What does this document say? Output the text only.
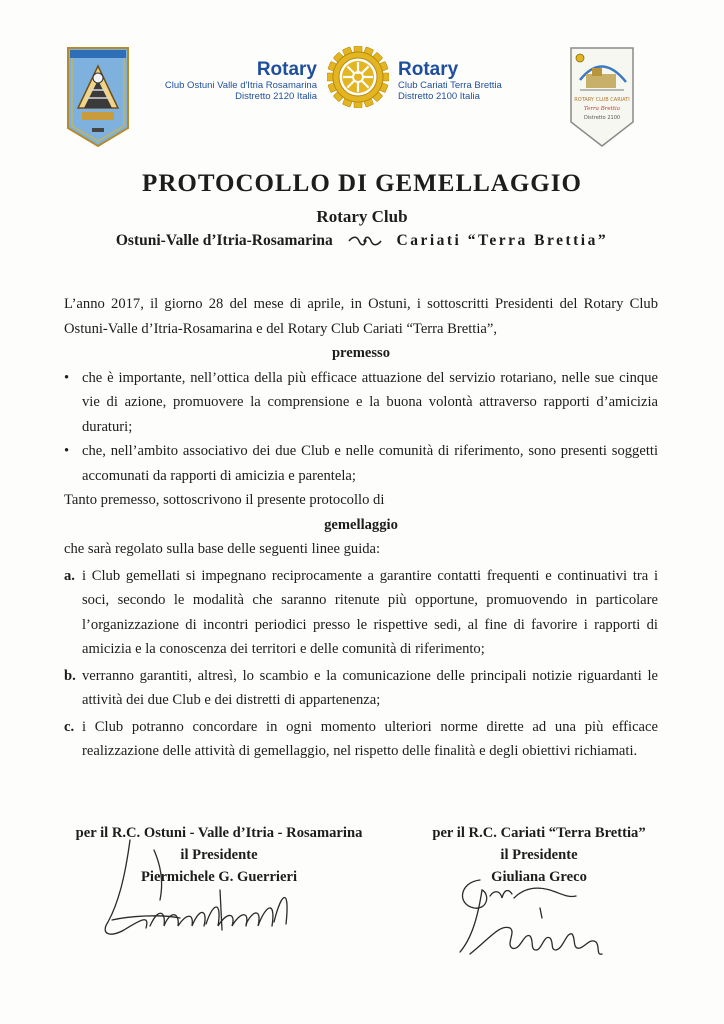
Rotary
Club Ostuni Valle d'Itria Rosamarina
Distretto 2120 Italia
Rotary
Club Cariati Terra Brettia
Distretto 2100 Italia	ROTARY CLUB CARIATI
Terra Brettia
Distretto 2100
PROTOCOLLO DI GEMELLAGGIO
Rotary Club
Ostuni-Valle d’Itria-Rosamarina	Cariati “Terra Brettia”

L’anno 2017, il giorno 28 del mese di aprile, in Ostuni, i sottoscritti Presidenti del Rotary Club Ostuni-Valle d’Itria-Rosamarina e del Rotary Club Cariati “Terra Brettia”,

premesso

• che è importante, nell’ottica della più efficace attuazione del servizio rotariano, nelle sue cinque vie di azione, promuovere la comprensione e la buona volontà attraverso rapporti d’amicizia duraturi;
• che, nell’ambito associativo dei due Club e nelle comunità di riferimento, sono presenti soggetti accomunati da rapporti di amicizia e parentela;

Tanto premesso, sottoscrivono il presente protocollo di

gemellaggio

che sarà regolato sulla base delle seguenti linee guida:

a. i Club gemellati si impegnano reciprocamente a garantire contatti frequenti e continuativi tra i soci, secondo le modalità che saranno ritenute più opportune, promuovendo in particolare l’organizzazione di incontri periodici presso le rispettive sedi, al fine di favorire i rapporti di amicizia e la conoscenza dei territori e delle comunità di riferimento;
b. verranno garantiti, altresì, lo scambio e la comunicazione delle principali notizie riguardanti le attività dei due Club e dei distretti di appartenenza;
c. i Club potranno concordare in ogni momento ulteriori norme dirette ad una più efficace realizzazione delle attività di gemellaggio, nel rispetto delle finalità e degli obiettivi richiamati.
per il R.C. Ostuni - Valle d’Itria - Rosamarina
il Presidente
Piermichele G. Guerrieri
per il R.C. Cariati “Terra Brettia”
il Presidente
Giuliana Greco
